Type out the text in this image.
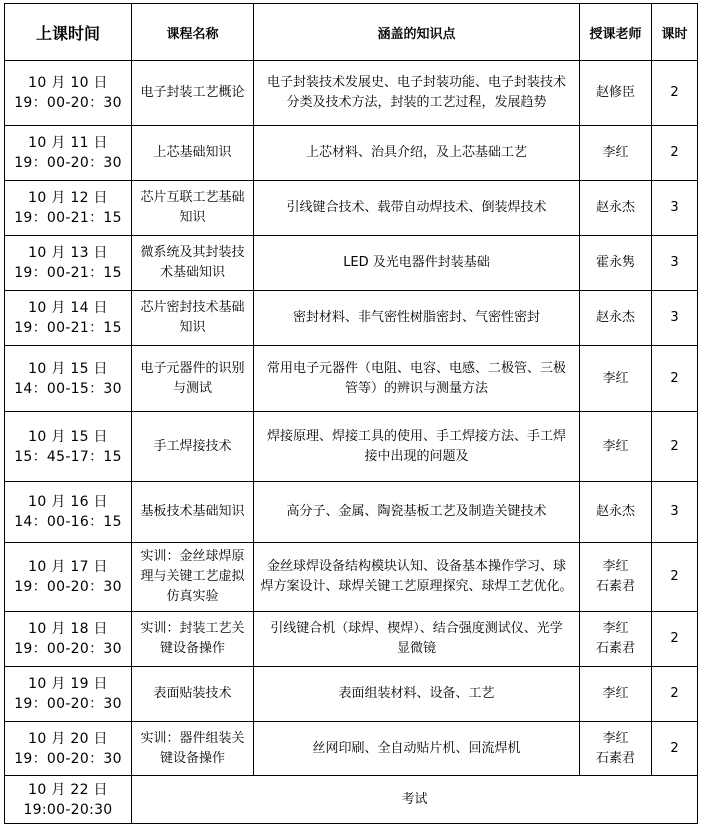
上课时间	课程名称	涵盖的知识点	授课老师	课时

10 月 10 日
19：00-20：30	电子封装工艺概论	电子封装技术发展史、电子封装功能、电子封装技术
分类及技术方法，封装的工艺过程，发展趋势	赵修臣	2

10 月 11 日
19：00-20：30	上芯基础知识	上芯材料、治具介绍，及上芯基础工艺	李红	2

10 月 12 日
19：00-21：15	芯片互联工艺基础
知识	引线键合技术、载带自动焊技术、倒装焊技术	赵永杰	3

10 月 13 日
19：00-21：15	微系统及其封装技
术基础知识	LED 及光电器件封装基础	霍永隽	3

10 月 14 日
19：00-21：15	芯片密封技术基础
知识	密封材料、非气密性树脂密封、气密性密封	赵永杰	3

10 月 15 日
14：00-15：30	电子元器件的识别
与测试	常用电子元器件（电阻、电容、电感、二极管、三极
管等）的辨识与测量方法	李红	2

10 月 15 日
15：45-17：15	手工焊接技术	焊接原理、焊接工具的使用、手工焊接方法、手工焊
接中出现的问题及	李红	2

10 月 16 日
14：00-16：15	基板技术基础知识	高分子、金属、陶瓷基板工艺及制造关键技术	赵永杰	3

10 月 17 日
19：00-20：30	实训：金丝球焊原
理与关键工艺虚拟
仿真实验	金丝球焊设备结构模块认知、设备基本操作学习、球
焊方案设计、球焊关键工艺原理探究、球焊工艺优化。	李红
石素君	2

10 月 18 日
19：00-20：30	实训：封装工艺关
键设备操作	引线键合机（球焊、楔焊）、结合强度测试仪、光学
显微镜	李红
石素君	2

10 月 19 日
19：00-20：30	表面贴装技术	表面组装材料、设备、工艺	李红	2

10 月 20 日
19：00-20：30	实训：器件组装关
键设备操作	丝网印刷、全自动贴片机、回流焊机	李红
石素君	2

10 月 22 日
19:00-20:30	考试			
